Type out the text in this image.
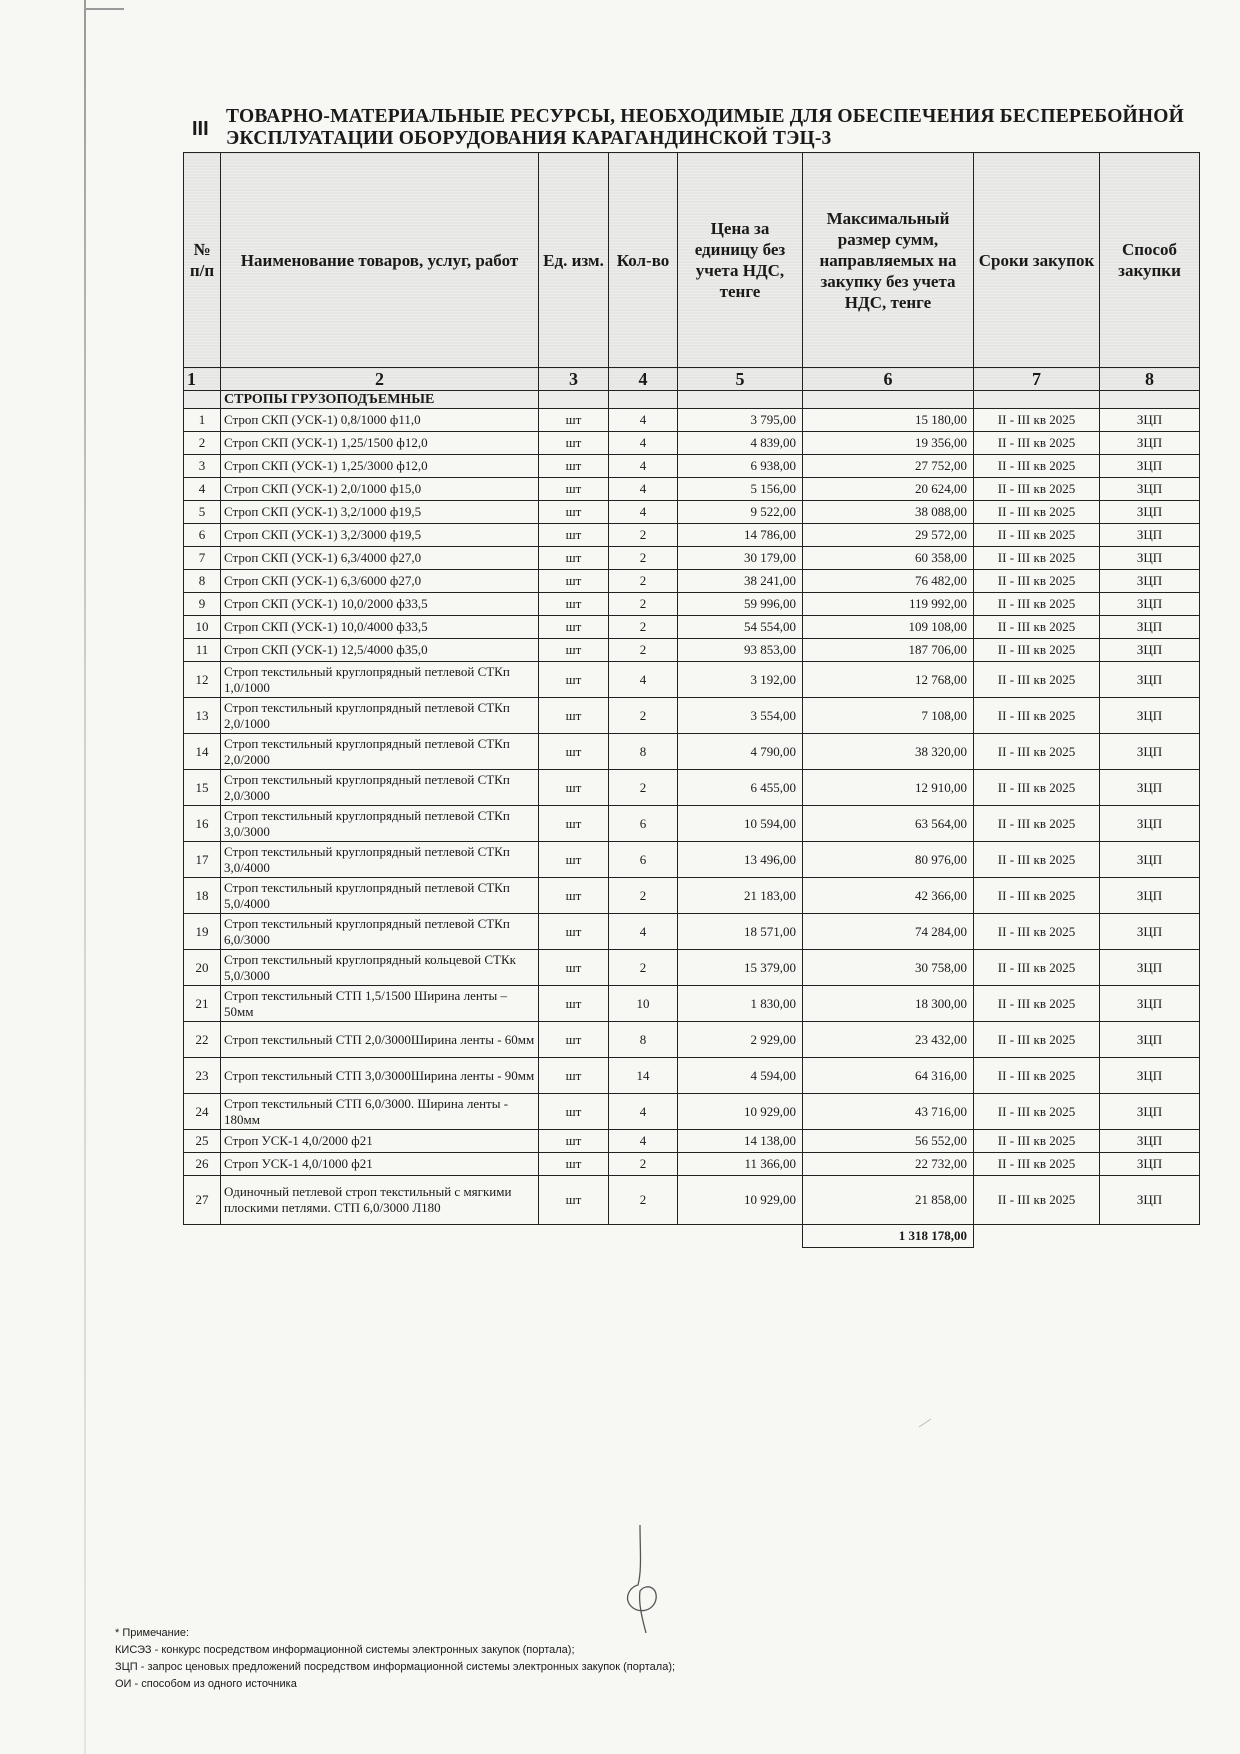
III
ТОВАРНО-МАТЕРИАЛЬНЫЕ РЕСУРСЫ, НЕОБХОДИМЫЕ ДЛЯ ОБЕСПЕЧЕНИЯ БЕСПЕРЕБОЙНОЙ
ЭКСПЛУАТАЦИИ ОБОРУДОВАНИЯ КАРАГАНДИНСКОЙ ТЭЦ-3
№ п/п	Наименование товаров, услуг, работ	Ед. изм.	Кол-во	Цена за единицу без учета НДС, тенге	Максимальный размер сумм, направляемых на закупку без учета НДС, тенге	Сроки закупок	Способ закупки
1	2	3	4	5	6	7	8
	СТРОПЫ ГРУЗОПОДЪЕМНЫЕ						
1	Строп СКП (УСК-1) 0,8/1000 ф11,0	шт	4	3 795,00	15 180,00	II - III кв 2025	ЗЦП
2	Строп СКП (УСК-1) 1,25/1500 ф12,0	шт	4	4 839,00	19 356,00	II - III кв 2025	ЗЦП
3	Строп СКП (УСК-1) 1,25/3000 ф12,0	шт	4	6 938,00	27 752,00	II - III кв 2025	ЗЦП
4	Строп СКП (УСК-1) 2,0/1000 ф15,0	шт	4	5 156,00	20 624,00	II - III кв 2025	ЗЦП
5	Строп СКП (УСК-1) 3,2/1000 ф19,5	шт	4	9 522,00	38 088,00	II - III кв 2025	ЗЦП
6	Строп СКП (УСК-1) 3,2/3000 ф19,5	шт	2	14 786,00	29 572,00	II - III кв 2025	ЗЦП
7	Строп СКП (УСК-1) 6,3/4000 ф27,0	шт	2	30 179,00	60 358,00	II - III кв 2025	ЗЦП
8	Строп СКП (УСК-1) 6,3/6000 ф27,0	шт	2	38 241,00	76 482,00	II - III кв 2025	ЗЦП
9	Строп СКП (УСК-1) 10,0/2000 ф33,5	шт	2	59 996,00	119 992,00	II - III кв 2025	ЗЦП
10	Строп СКП (УСК-1) 10,0/4000 ф33,5	шт	2	54 554,00	109 108,00	II - III кв 2025	ЗЦП
11	Строп СКП (УСК-1) 12,5/4000 ф35,0	шт	2	93 853,00	187 706,00	II - III кв 2025	ЗЦП
12	Строп текстильный круглопрядный петлевой СТКп 1,0/1000	шт	4	3 192,00	12 768,00	II - III кв 2025	ЗЦП
13	Строп текстильный круглопрядный петлевой СТКп 2,0/1000	шт	2	3 554,00	7 108,00	II - III кв 2025	ЗЦП
14	Строп текстильный круглопрядный петлевой СТКп 2,0/2000	шт	8	4 790,00	38 320,00	II - III кв 2025	ЗЦП
15	Строп текстильный круглопрядный петлевой СТКп 2,0/3000	шт	2	6 455,00	12 910,00	II - III кв 2025	ЗЦП
16	Строп текстильный круглопрядный петлевой СТКп 3,0/3000	шт	6	10 594,00	63 564,00	II - III кв 2025	ЗЦП
17	Строп текстильный круглопрядный петлевой СТКп 3,0/4000	шт	6	13 496,00	80 976,00	II - III кв 2025	ЗЦП
18	Строп текстильный круглопрядный петлевой СТКп 5,0/4000	шт	2	21 183,00	42 366,00	II - III кв 2025	ЗЦП
19	Строп текстильный круглопрядный петлевой СТКп 6,0/3000	шт	4	18 571,00	74 284,00	II - III кв 2025	ЗЦП
20	Строп текстильный круглопрядный кольцевой СТКк 5,0/3000	шт	2	15 379,00	30 758,00	II - III кв 2025	ЗЦП
21	Строп текстильный СТП 1,5/1500 Ширина ленты – 50мм	шт	10	1 830,00	18 300,00	II - III кв 2025	ЗЦП
22	Строп текстильный СТП 2,0/3000Ширина ленты - 60мм	шт	8	2 929,00	23 432,00	II - III кв 2025	ЗЦП
23	Строп текстильный СТП 3,0/3000Ширина ленты - 90мм	шт	14	4 594,00	64 316,00	II - III кв 2025	ЗЦП
24	Строп текстильный СТП 6,0/3000. Ширина ленты - 180мм	шт	4	10 929,00	43 716,00	II - III кв 2025	ЗЦП
25	Строп УСК-1 4,0/2000 ф21	шт	4	14 138,00	56 552,00	II - III кв 2025	ЗЦП
26	Строп УСК-1 4,0/1000 ф21	шт	2	11 366,00	22 732,00	II - III кв 2025	ЗЦП
27	Одиночный петлевой строп текстильный с мягкими плоскими петлями. СТП 6,0/3000 Л180	шт	2	10 929,00	21 858,00	II - III кв 2025	ЗЦП
					1 318 178,00		
* Примечание:
КИСЭЗ - конкурс посредством информационной системы электронных закупок (портала);
ЗЦП - запрос ценовых предложений посредством информационной системы электронных закупок (портала);
ОИ - способом из одного источника
